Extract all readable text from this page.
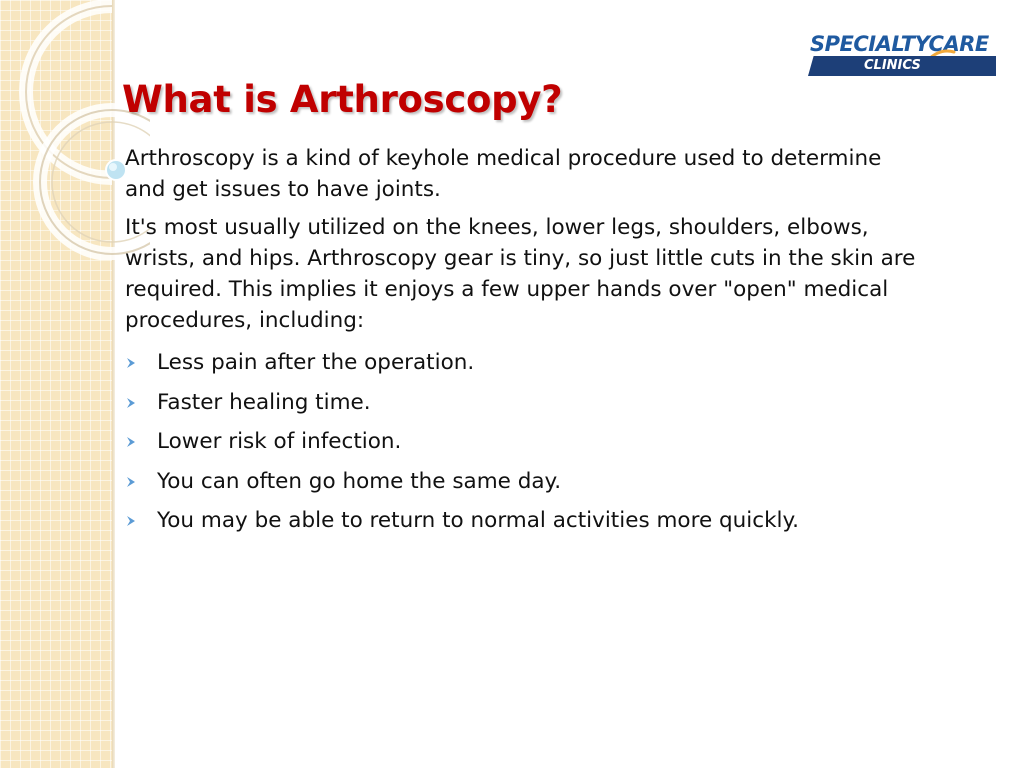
SPECIALTYCARE
CLINICS
What is Arthroscopy?

Arthroscopy is a kind of keyhole medical procedure used to determine and get issues to have joints.

It's most usually utilized on the knees, lower legs, shoulders, elbows, wrists, and hips. Arthroscopy gear is tiny, so just little cuts in the skin are required. This implies it enjoys a few upper hands over "open" medical procedures, including:

Less pain after the operation.
Faster healing time.
Lower risk of infection.
You can often go home the same day.
You may be able to return to normal activities more quickly.
